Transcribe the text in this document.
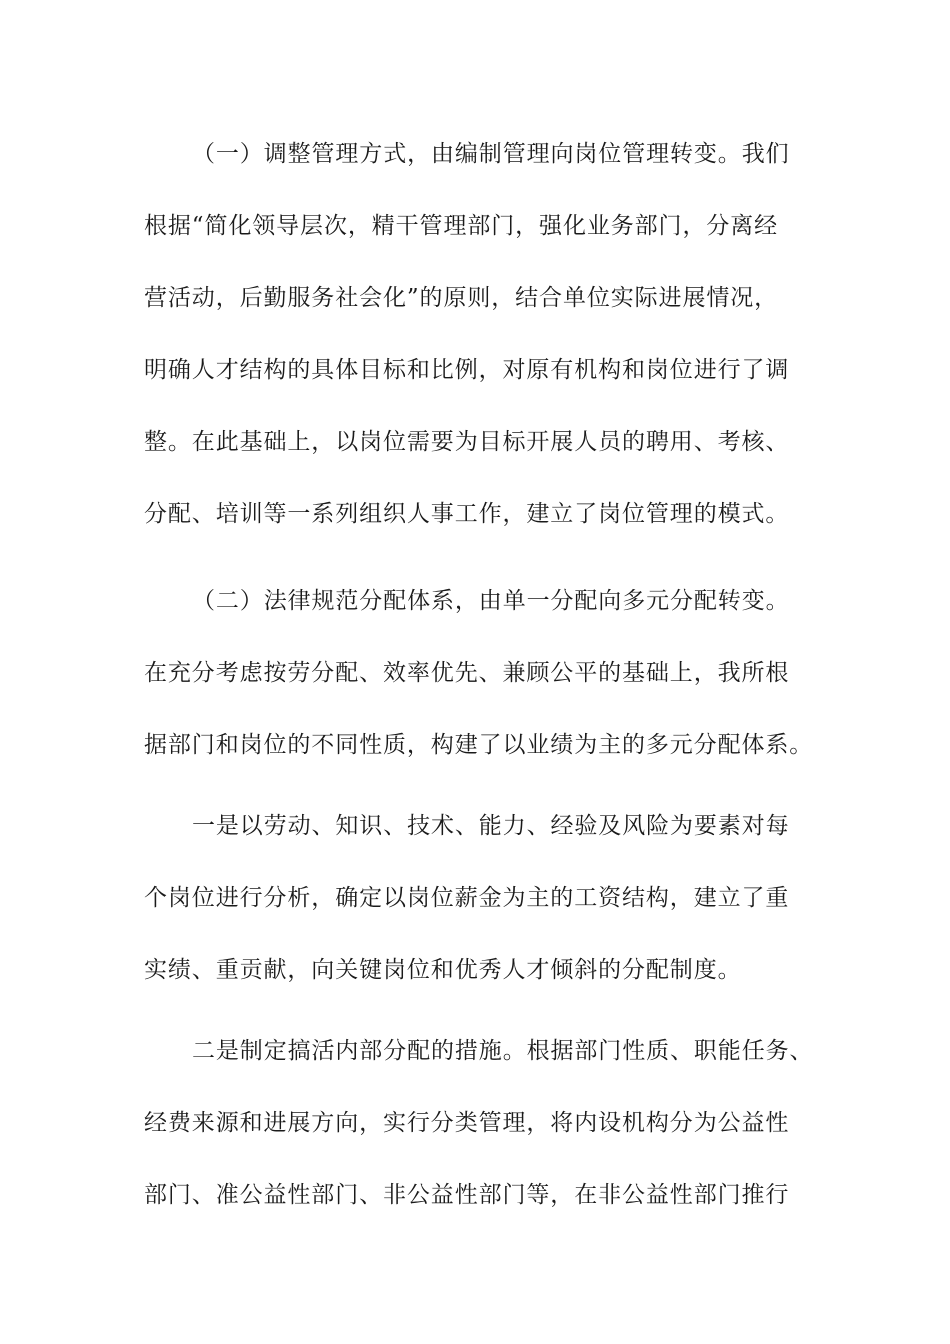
（一）调整管理方式，由编制管理向岗位管理转变。我们
根据“简化领导层次，精干管理部门，强化业务部门，分离经
营活动，后勤服务社会化”的原则，结合单位实际进展情况，
明确人才结构的具体目标和比例，对原有机构和岗位进行了调
整。在此基础上，以岗位需要为目标开展人员的聘用、考核、
分配、培训等一系列组织人事工作，建立了岗位管理的模式。
（二）法律规范分配体系，由单一分配向多元分配转变。
在充分考虑按劳分配、效率优先、兼顾公平的基础上，我所根
据部门和岗位的不同性质，构建了以业绩为主的多元分配体系。
一是以劳动、知识、技术、能力、经验及风险为要素对每
个岗位进行分析，确定以岗位薪金为主的工资结构，建立了重
实绩、重贡献，向关键岗位和优秀人才倾斜的分配制度。
二是制定搞活内部分配的措施。根据部门性质、职能任务、
经费来源和进展方向，实行分类管理，将内设机构分为公益性
部门、准公益性部门、非公益性部门等，在非公益性部门推行
